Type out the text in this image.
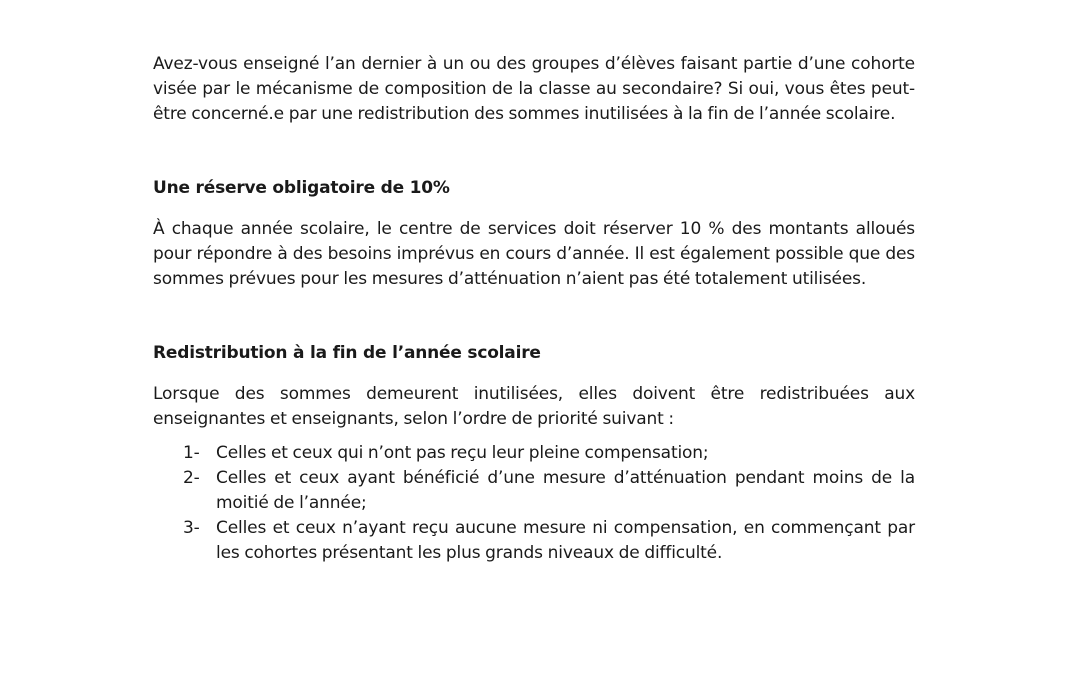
Avez-vous enseigné l’an dernier à un ou des groupes d’élèves faisant partie d’une cohorte visée par le mécanisme de composition de la classe au secondaire? Si oui, vous êtes peut-être concerné.e par une redistribution des sommes inutilisées à la fin de l’année scolaire.

Une réserve obligatoire de 10%

À chaque année scolaire, le centre de services doit réserver 10 % des montants alloués pour répondre à des besoins imprévus en cours d’année. Il est également possible que des sommes prévues pour les mesures d’atténuation n’aient pas été totalement utilisées.

Redistribution à la fin de l’année scolaire

Lorsque des sommes demeurent inutilisées, elles doivent être redistribuées aux enseignantes et enseignants, selon l’ordre de priorité suivant :

1- Celles et ceux qui n’ont pas reçu leur pleine compensation;
2- Celles et ceux ayant bénéficié d’une mesure d’atténuation pendant moins de la moitié de l’année;
3- Celles et ceux n’ayant reçu aucune mesure ni compensation, en commençant par les cohortes présentant les plus grands niveaux de difficulté.
